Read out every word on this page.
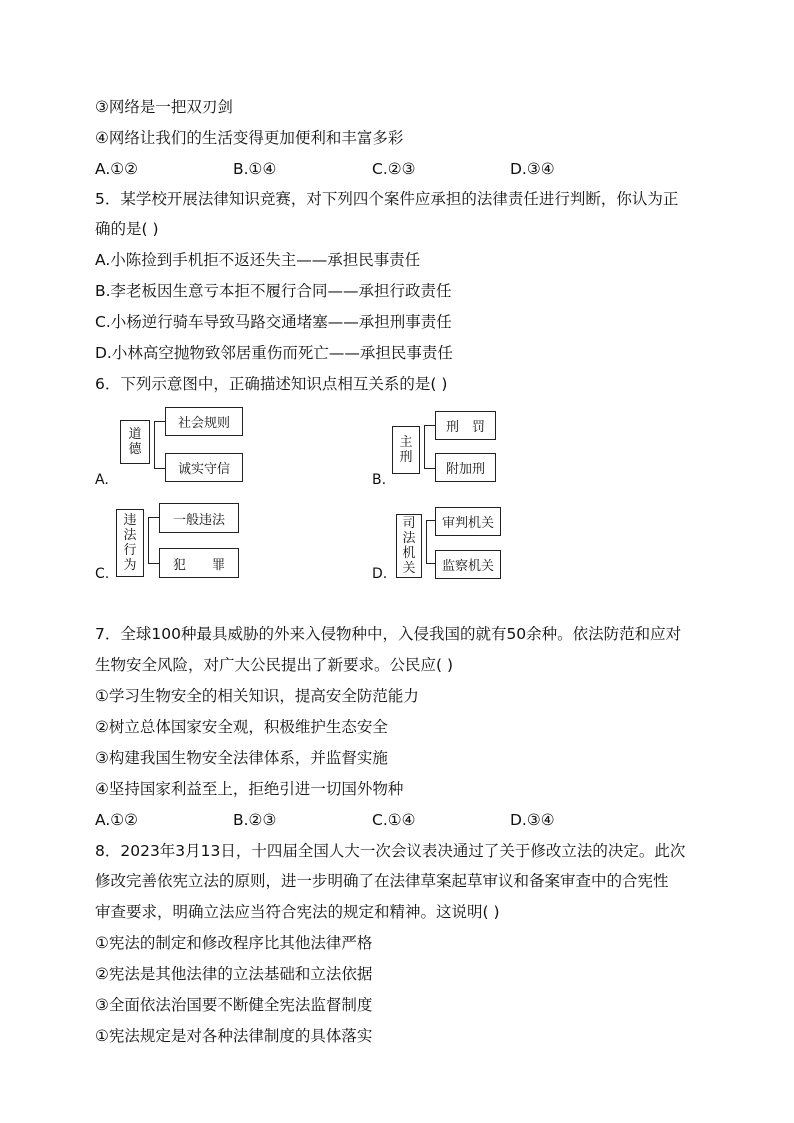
③网络是一把双刃剑
④网络让我们的生活变得更加便利和丰富多彩
A.①②	B.①④	C.②③	D.③④
5．某学校开展法律知识竞赛，对下列四个案件应承担的法律责任进行判断，你认为正
确的是( )
A.小陈捡到手机拒不返还失主——承担民事责任
B.李老板因生意亏本拒不履行合同——承担行政责任
C.小杨逆行骑车导致马路交通堵塞——承担刑事责任
D.小林高空抛物致邻居重伤而死亡——承担民事责任
6．下列示意图中，正确描述知识点相互关系的是( )
A.
道德
社会规则
诚实守信
B.
主刑
刑　罚
附加刑
C.
违法行为
一般违法
犯　　罪
D.
司法机关
审判机关
监察机关
7．全球100种最具威胁的外来入侵物种中，入侵我国的就有50余种。依法防范和应对
生物安全风险，对广大公民提出了新要求。公民应( )
①学习生物安全的相关知识，提高安全防范能力
②树立总体国家安全观，积极维护生态安全
③构建我国生物安全法律体系，并监督实施
④坚持国家利益至上，拒绝引进一切国外物种
A.①②	B.②③	C.①④	D.③④
8．2023年3月13日，十四届全国人大一次会议表决通过了关于修改立法的决定。此次
修改完善依宪立法的原则，进一步明确了在法律草案起草审议和备案审查中的合宪性
审查要求，明确立法应当符合宪法的规定和精神。这说明( )
①宪法的制定和修改程序比其他法律严格
②宪法是其他法律的立法基础和立法依据
③全面依法治国要不断健全宪法监督制度
①宪法规定是对各种法律制度的具体落实
